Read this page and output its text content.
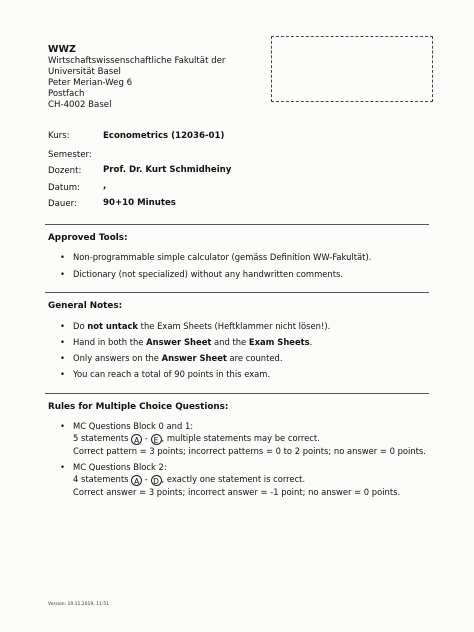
WWZ
Wirtschaftswissenschaftliche Fakultät der
Universität Basel
Peter Merian-Weg 6
Postfach
CH-4002 Basel
Kurs:	Econometrics (12036-01)
Semester:
Dozent:	Prof. Dr. Kurt Schmidheiny
Datum:	,
Dauer:	90+10 Minutes
Approved Tools:
• Non-programmable simple calculator (gemäss Definition WW-Fakultät).
• Dictionary (not specialized) without any handwritten comments.
General Notes:
• Do not untack the Exam Sheets (Heftklammer nicht lösen!).
• Hand in both the Answer Sheet and the Exam Sheets.
• Only answers on the Answer Sheet are counted.
• You can reach a total of 90 points in this exam.
Rules for Multiple Choice Questions:
• MC Questions Block 0 and 1:
5 statements A - E , multiple statements may be correct.
Correct pattern = 3 points; incorrect patterns = 0 to 2 points; no answer = 0 points.
• MC Questions Block 2:
4 statements A - D , exactly one statement is correct.
Correct answer = 3 points; incorrect answer = -1 point; no answer = 0 points.
Version: 19.11.2019, 11:51
